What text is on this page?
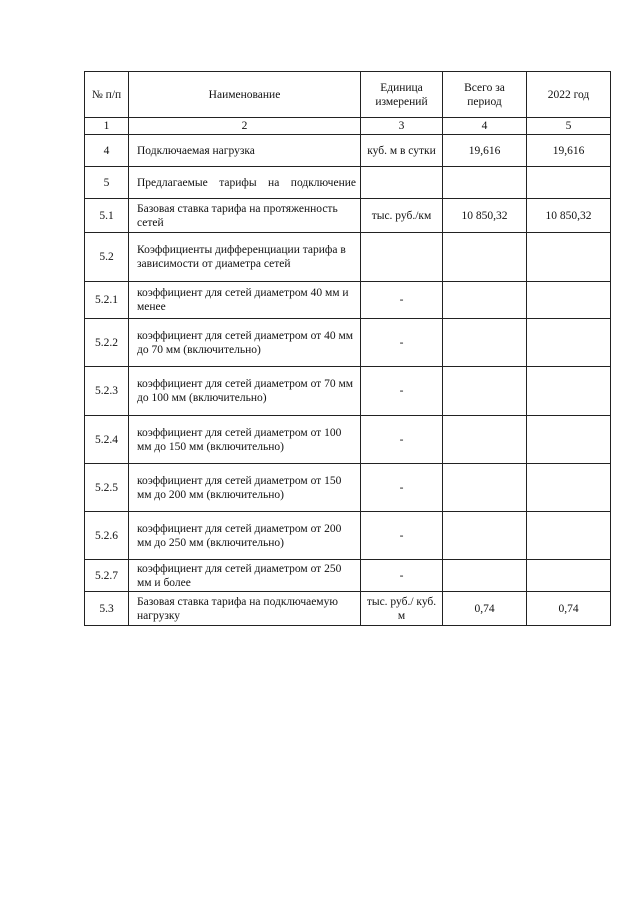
№ п/п	Наименование	Единица измерений	Всего за период	2022 год
1	2	3	4	5
4	Подключаемая нагрузка	куб. м в сутки	19,616	19,616
5	Предлагаемые тарифы на подключение			
5.1	Базовая ставка тарифа на протяженность сетей	тыс. руб./км	10 850,32	10 850,32
5.2	Коэффициенты дифференциации тарифа в зависимости от диаметра сетей			
5.2.1	коэффициент для сетей диаметром 40 мм и менее	-		
5.2.2	коэффициент для сетей диаметром от 40 мм до 70 мм (включительно)	-		
5.2.3	коэффициент для сетей диаметром от 70 мм до 100 мм (включительно)	-		
5.2.4	коэффициент для сетей диаметром от 100 мм до 150 мм (включительно)	-		
5.2.5	коэффициент для сетей диаметром от 150 мм до 200 мм (включительно)	-		
5.2.6	коэффициент для сетей диаметром от 200 мм до 250 мм (включительно)	-		
5.2.7	коэффициент для сетей диаметром от 250 мм и более	-		
5.3	Базовая ставка тарифа на подключаемую нагрузку	тыс. руб./ куб. м	0,74	0,74
